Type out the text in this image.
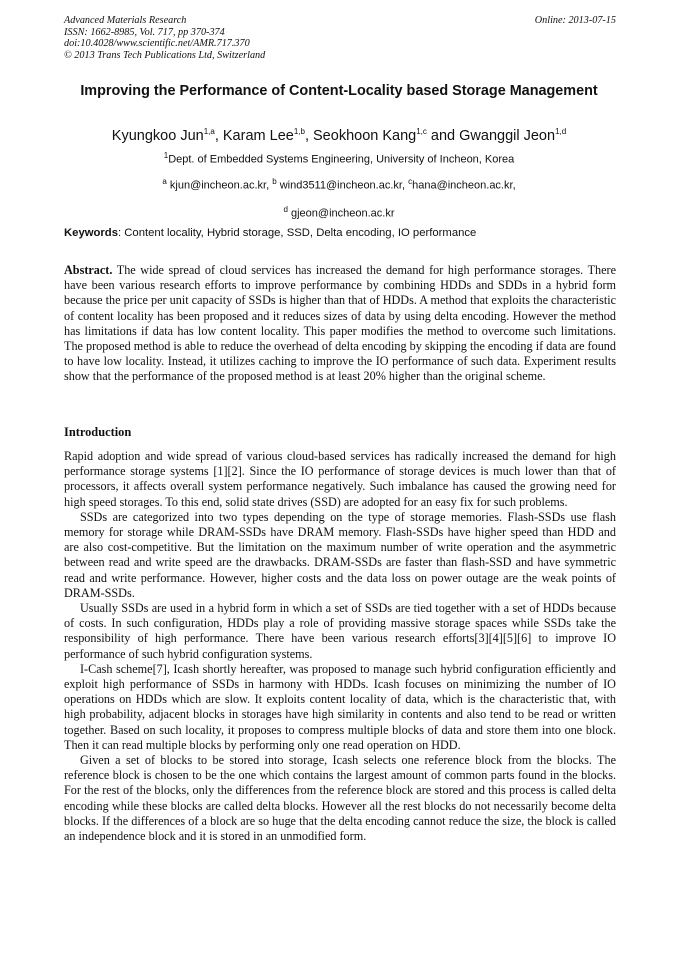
Advanced Materials Research
ISSN: 1662-8985, Vol. 717, pp 370-374
doi:10.4028/www.scientific.net/AMR.717.370
© 2013 Trans Tech Publications Ltd, Switzerland
Online: 2013-07-15
Improving the Performance of Content-Locality based Storage Management
Kyungkoo Jun$^{1,a}$, Karam Lee$^{1,b}$, Seokhoon Kang$^{1,c}$ and Gwanggil Jeon$^{1,d}$
$^1$Dept. of Embedded Systems Engineering, University of Incheon, Korea
$^a$ kjun@incheon.ac.kr, $^b$ wind3511@incheon.ac.kr, $^c$hana@incheon.ac.kr,
$^d$ gjeon@incheon.ac.kr
Keywords: Content locality, Hybrid storage, SSD, Delta encoding, IO performance
Abstract. The wide spread of cloud services has increased the demand for high performance storages. There have been various research efforts to improve performance by combining HDDs and SDDs in a hybrid form because the price per unit capacity of SSDs is higher than that of HDDs. A method that exploits the characteristic of content locality has been proposed and it reduces sizes of data by using delta encoding. However the method has limitations if data has low content locality. This paper modifies the method to overcome such limitations. The proposed method is able to reduce the overhead of delta encoding by skipping the encoding if data are found to have low locality. Instead, it utilizes caching to improve the IO performance of such data. Experiment results show that the performance of the proposed method is at least 20% higher than the original scheme.
Introduction

Rapid adoption and wide spread of various cloud-based services has radically increased the demand for high performance storage systems [1][2]. Since the IO performance of storage devices is much lower than that of processors, it affects overall system performance negatively. Such imbalance has caused the growing need for high speed storages. To this end, solid state drives (SSD) are adopted for an easy fix for such problems.

SSDs are categorized into two types depending on the type of storage memories. Flash-SSDs use flash memory for storage while DRAM-SSDs have DRAM memory. Flash-SSDs have higher speed than HDD and are also cost-competitive. But the limitation on the maximum number of write operation and the asymmetric between read and write speed are the drawbacks. DRAM-SSDs are faster than flash-SSD and have symmetric read and write performance. However, higher costs and the data loss on power outage are the weak points of DRAM-SSDs.

Usually SSDs are used in a hybrid form in which a set of SSDs are tied together with a set of HDDs because of costs. In such configuration, HDDs play a role of providing massive storage spaces while SSDs take the responsibility of high performance. There have been various research efforts[3][4][5][6] to improve IO performance of such hybrid configuration systems.

I-Cash scheme[7], Icash shortly hereafter, was proposed to manage such hybrid configuration efficiently and exploit high performance of SSDs in harmony with HDDs. Icash focuses on minimizing the number of IO operations on HDDs which are slow. It exploits content locality of data, which is the characteristic that, with high probability, adjacent blocks in storages have high similarity in contents and also tend to be read or written together. Based on such locality, it proposes to compress multiple blocks of data and store them into one block. Then it can read multiple blocks by performing only one read operation on HDD.

Given a set of blocks to be stored into storage, Icash selects one reference block from the blocks. The reference block is chosen to be the one which contains the largest amount of common parts found in the blocks. For the rest of the blocks, only the differences from the reference block are stored and this process is called delta encoding while these blocks are called delta blocks. However all the rest blocks do not necessarily become delta blocks. If the differences of a block are so huge that the delta encoding cannot reduce the size, the block is called an independence block and it is stored in an unmodified form.
